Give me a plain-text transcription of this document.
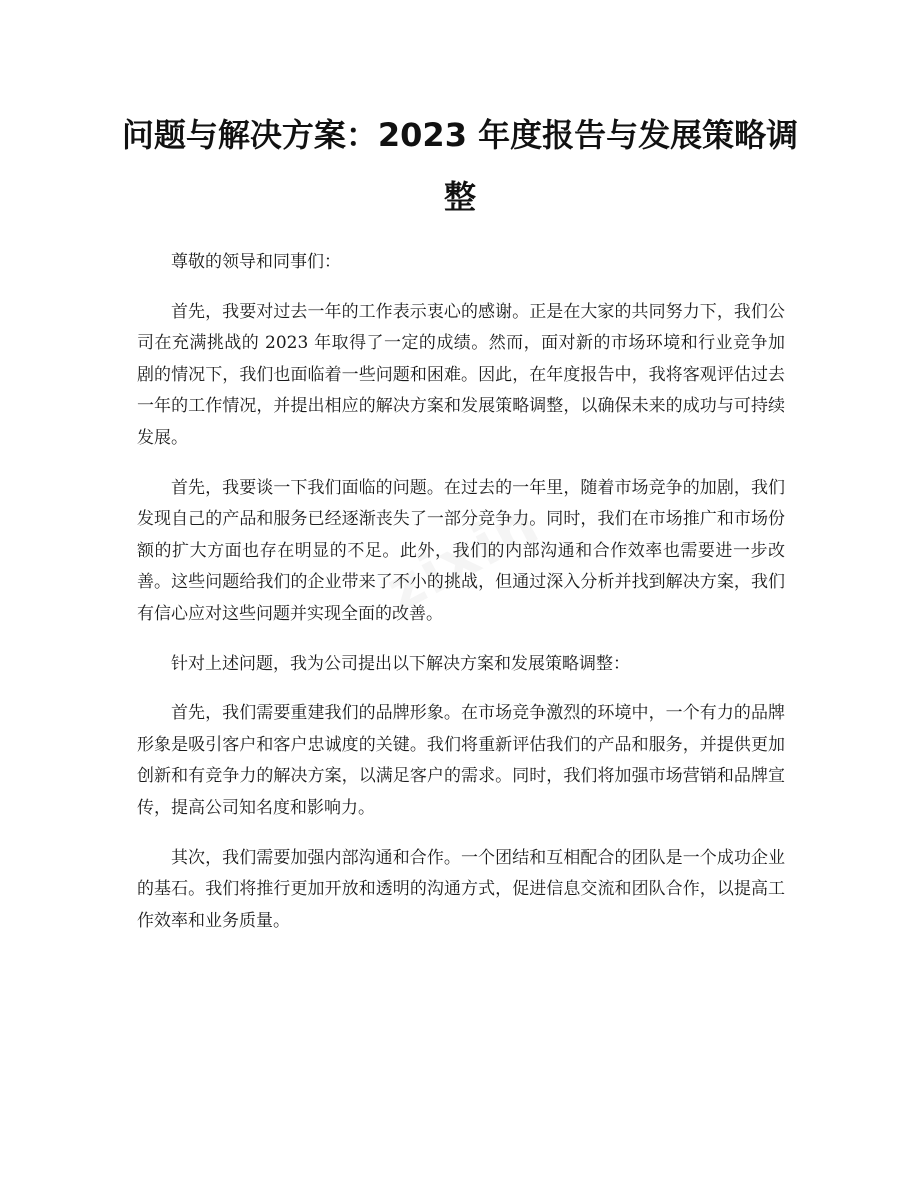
问题与解决方案：2023 年度报告与发展策略调整
zixin

尊敬的领导和同事们：

首先，我要对过去一年的工作表示衷心的感谢。正是在大家的共同努力下，我们公司在充满挑战的 2023 年取得了一定的成绩。然而，面对新的市场环境和行业竞争加剧的情况下，我们也面临着一些问题和困难。因此，在年度报告中，我将客观评估过去一年的工作情况，并提出相应的解决方案和发展策略调整，以确保未来的成功与可持续发展。

首先，我要谈一下我们面临的问题。在过去的一年里，随着市场竞争的加剧，我们发现自己的产品和服务已经逐渐丧失了一部分竞争力。同时，我们在市场推广和市场份额的扩大方面也存在明显的不足。此外，我们的内部沟通和合作效率也需要进一步改善。这些问题给我们的企业带来了不小的挑战，但通过深入分析并找到解决方案，我们有信心应对这些问题并实现全面的改善。

针对上述问题，我为公司提出以下解决方案和发展策略调整：

首先，我们需要重建我们的品牌形象。在市场竞争激烈的环境中，一个有力的品牌形象是吸引客户和客户忠诚度的关键。我们将重新评估我们的产品和服务，并提供更加创新和有竞争力的解决方案，以满足客户的需求。同时，我们将加强市场营销和品牌宣传，提高公司知名度和影响力。

其次，我们需要加强内部沟通和合作。一个团结和互相配合的团队是一个成功企业的基石。我们将推行更加开放和透明的沟通方式，促进信息交流和团队合作，以提高工作效率和业务质量。
